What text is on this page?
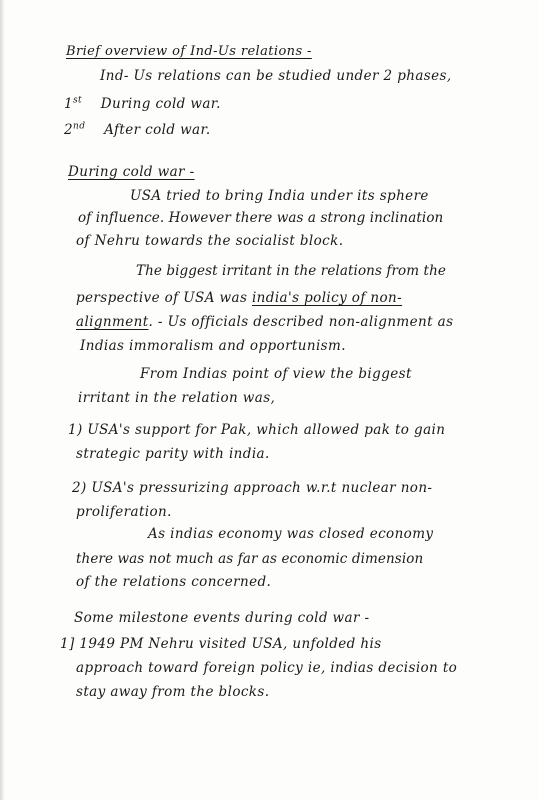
Brief overview of Ind-Us relations -
Ind- Us relations can be studied under 2 phases,
1st During cold war.
2nd After cold war.
During cold war -
USA tried to bring India under its sphere
of influence. However there was a strong inclination
of Nehru towards the socialist block.
The biggest irritant in the relations from the
perspective of USA was india's policy of non-
alignment. - Us officials described non-alignment as
Indias immoralism and opportunism.
From Indias point of view the biggest
irritant in the relation was,
1) USA's support for Pak, which allowed pak to gain
strategic parity with india.
2) USA's pressurizing approach w.r.t nuclear non-
proliferation.
As indias economy was closed economy
there was not much as far as economic dimension
of the relations concerned.
Some milestone events during cold war -
1] 1949 PM Nehru visited USA, unfolded his
approach toward foreign policy ie, indias decision to
stay away from the blocks.
